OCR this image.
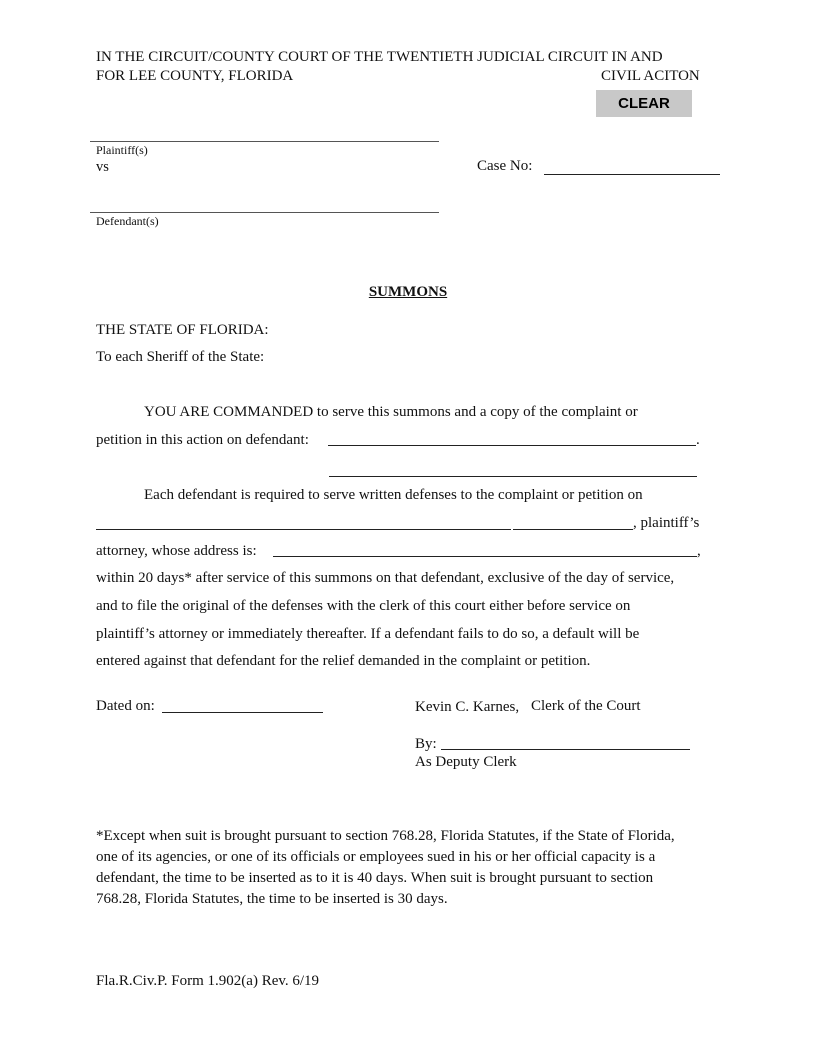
IN THE CIRCUIT/COUNTY COURT OF THE TWENTIETH JUDICIAL CIRCUIT IN AND
FOR LEE COUNTY, FLORIDA	CIVIL ACITON
CLEAR
Plaintiff(s)
vs	Case No:
Defendant(s)
SUMMONS
THE STATE OF FLORIDA:
To each Sheriff of the State:
YOU ARE COMMANDED to serve this summons and a copy of the complaint or
petition in this action on defendant:	.
Each defendant is required to serve written defenses to the complaint or petition on
, plaintiff’s
attorney, whose address is:	,
within 20 days* after service of this summons on that defendant, exclusive of the day of service,
and to file the original of the defenses with the clerk of this court either before service on
plaintiff’s attorney or immediately thereafter. If a defendant fails to do so, a default will be
entered against that defendant for the relief demanded in the complaint or petition.
Dated on:	Kevin C. Karnes, Clerk of the Court
By:
As Deputy Clerk
*Except when suit is brought pursuant to section 768.28, Florida Statutes, if the State of Florida,
one of its agencies, or one of its officials or employees sued in his or her official capacity is a
defendant, the time to be inserted as to it is 40 days. When suit is brought pursuant to section
768.28, Florida Statutes, the time to be inserted is 30 days.
Fla.R.Civ.P. Form 1.902(a) Rev. 6/19
